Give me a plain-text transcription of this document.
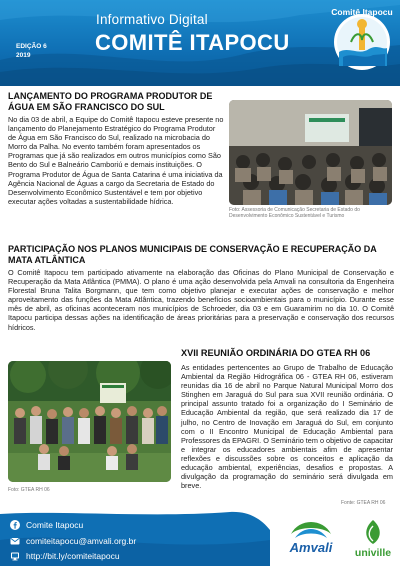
Informativo Digital
COMITÊ ITAPOCU
EDIÇÃO 6
2019
Comitê Itapocu
LANÇAMENTO DO PROGRAMA PRODUTOR DE ÁGUA EM SÃO FRANCISCO DO SUL
No dia 03 de abril, a Equipe do Comitê Itapocu esteve presente no lançamento do Planejamento Estratégico do Programa Produtor de Água em São Francisco do Sul, realizado na microbacia do Morro da Palha. No evento também foram apresentados os Programas que já são realizados em outros municípios como São Bento do Sul e Balneário Camboriú e demais instituições. O Programa Produtor de Água de Santa Catarina é uma iniciativa da Agência Nacional de Águas a cargo da Secretaria de Estado do Desenvolvimento Econômico Sustentável e tem por objetivo executar ações voltadas a sustentabilidade hídrica.
Foto: Assessoria de Comunicação Secretaria de Estado do Desenvolvimento Econômico Sustentável e Turismo
PARTICIPAÇÃO NOS PLANOS MUNICIPAIS DE CONSERVAÇÃO E RECUPERAÇÃO DA MATA ATLÂNTICA
O Comitê Itapocu tem participado ativamente na elaboração das Oficinas do Plano Municipal de Conservação e Recuperação da Mata Atlântica (PMMA). O plano é uma ação desenvolvida pela Amvali na consultoria da Engenheira Florestal Bruna Talita Borgmann, que tem como objetivo planejar e executar ações de conservação e melhor aproveitamento das funções da Mata Atlântica, trazendo benefícios socioambientais para o município. Durante esse mês de abril, as oficinas aconteceram nos municípios de Schroeder, dia 03 e em Guaramirim no dia 10. O Comitê Itapocu participa dessas ações na identificação de áreas prioritárias para a preservação e conservação dos recursos hídricos.
Foto: GTEA RH 06
XVII REUNIÃO ORDINÁRIA DO GTEA RH 06
As entidades pertencentes ao Grupo de Trabalho de Educação Ambiental da Região Hidrográfica 06 - GTEA RH 06, estiveram reunidas dia 16 de abril no Parque Natural Municipal Morro dos Stinghen em Jaraguá do Sul para sua XVII reunião ordinária. O principal assunto tratado foi a organização do I Seminário de Educação Ambiental da região, que será realizado dia 17 de julho, no Centro de Inovação em Jaraguá do Sul, em conjunto com o II Encontro Municipal de Educação Ambiental para Professores da EPAGRI. O Seminário tem o objetivo de capacitar e integrar os educadores ambientais afim de apresentar reflexões e discussões sobre os conceitos e aplicação da educação ambiental, experiências, desafios e propostas. A divulgação da programação do seminário será divulgada em breve.
Fonte: GTEA RH 06
Comite Itapocu
comiteitapocu@amvali.org.br
http://bit.ly/comiteitapocu
Amvali univille
